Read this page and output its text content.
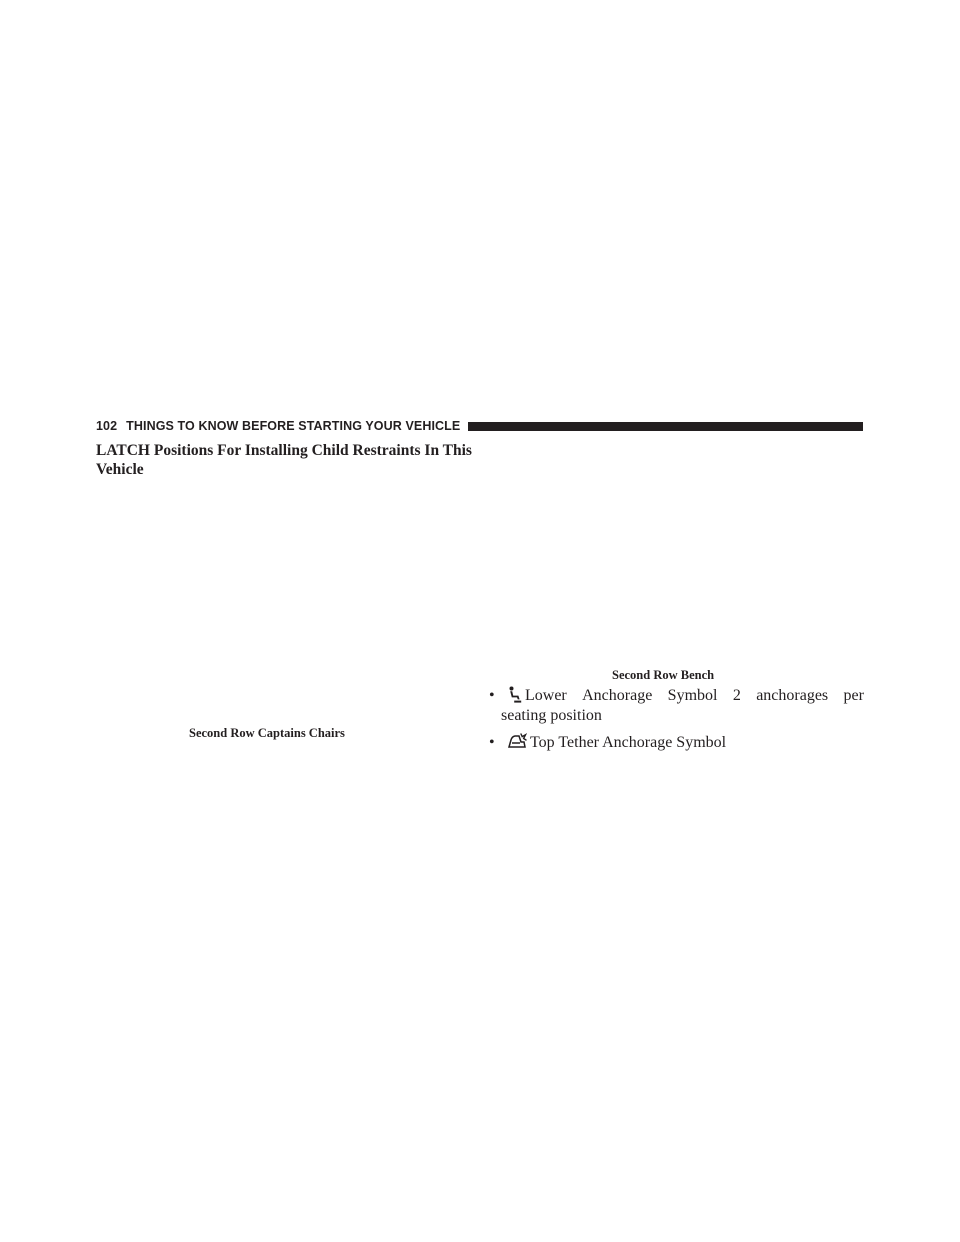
102 THINGS TO KNOW BEFORE STARTING YOUR VEHICLE
LATCH Positions For Installing Child Restraints In This Vehicle
Second Row Bench
Second Row Captains Chairs
•	Lower Anchorage Symbol 2 anchorages per
seating position
• Top Tether Anchorage Symbol
